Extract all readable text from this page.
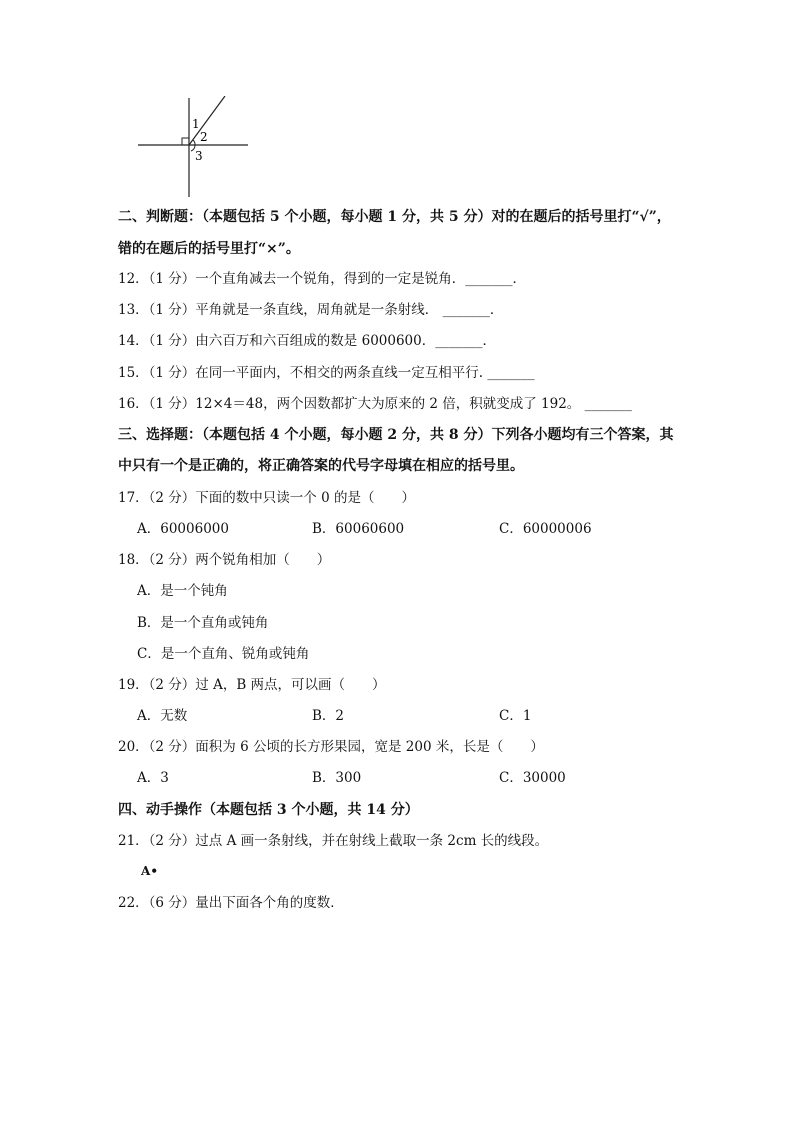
1
2
3
二、判断题：（本题包括 5 个小题，每小题 1 分，共 5 分）对的在题后的括号里打“√”，
错的在题后的括号里打“×”。
12．（1 分）一个直角减去一个锐角，得到的一定是锐角．_______．
13．（1 分）平角就是一条直线，周角就是一条射线． _______．
14．（1 分）由六百万和六百组成的数是 6000600．_______．
15．（1 分）在同一平面内，不相交的两条直线一定互相平行. _______
16．（1 分）12×4＝48，两个因数都扩大为原来的 2 倍，积就变成了 192。 _______
三、选择题：（本题包括 4 个小题，每小题 2 分，共 8 分）下列各小题均有三个答案，其
中只有一个是正确的，将正确答案的代号字母填在相应的括号里。
17．（2 分）下面的数中只读一个 0 的是（　　）
A．60006000	B．60060600	C．60000006
18．（2 分）两个锐角相加（　　）
A．是一个钝角
B．是一个直角或钝角
C．是一个直角、锐角或钝角
19．（2 分）过 A，B 两点，可以画（　　）
A．无数	B．2	C．1
20．（2 分）面积为 6 公顷的长方形果园，宽是 200 米，长是（　　）
A．3	B．300	C．30000
四、动手操作（本题包括 3 个小题，共 14 分）
21．（2 分）过点 A 画一条射线，并在射线上截取一条 2cm 长的线段。
A•
22．（6 分）量出下面各个角的度数．
